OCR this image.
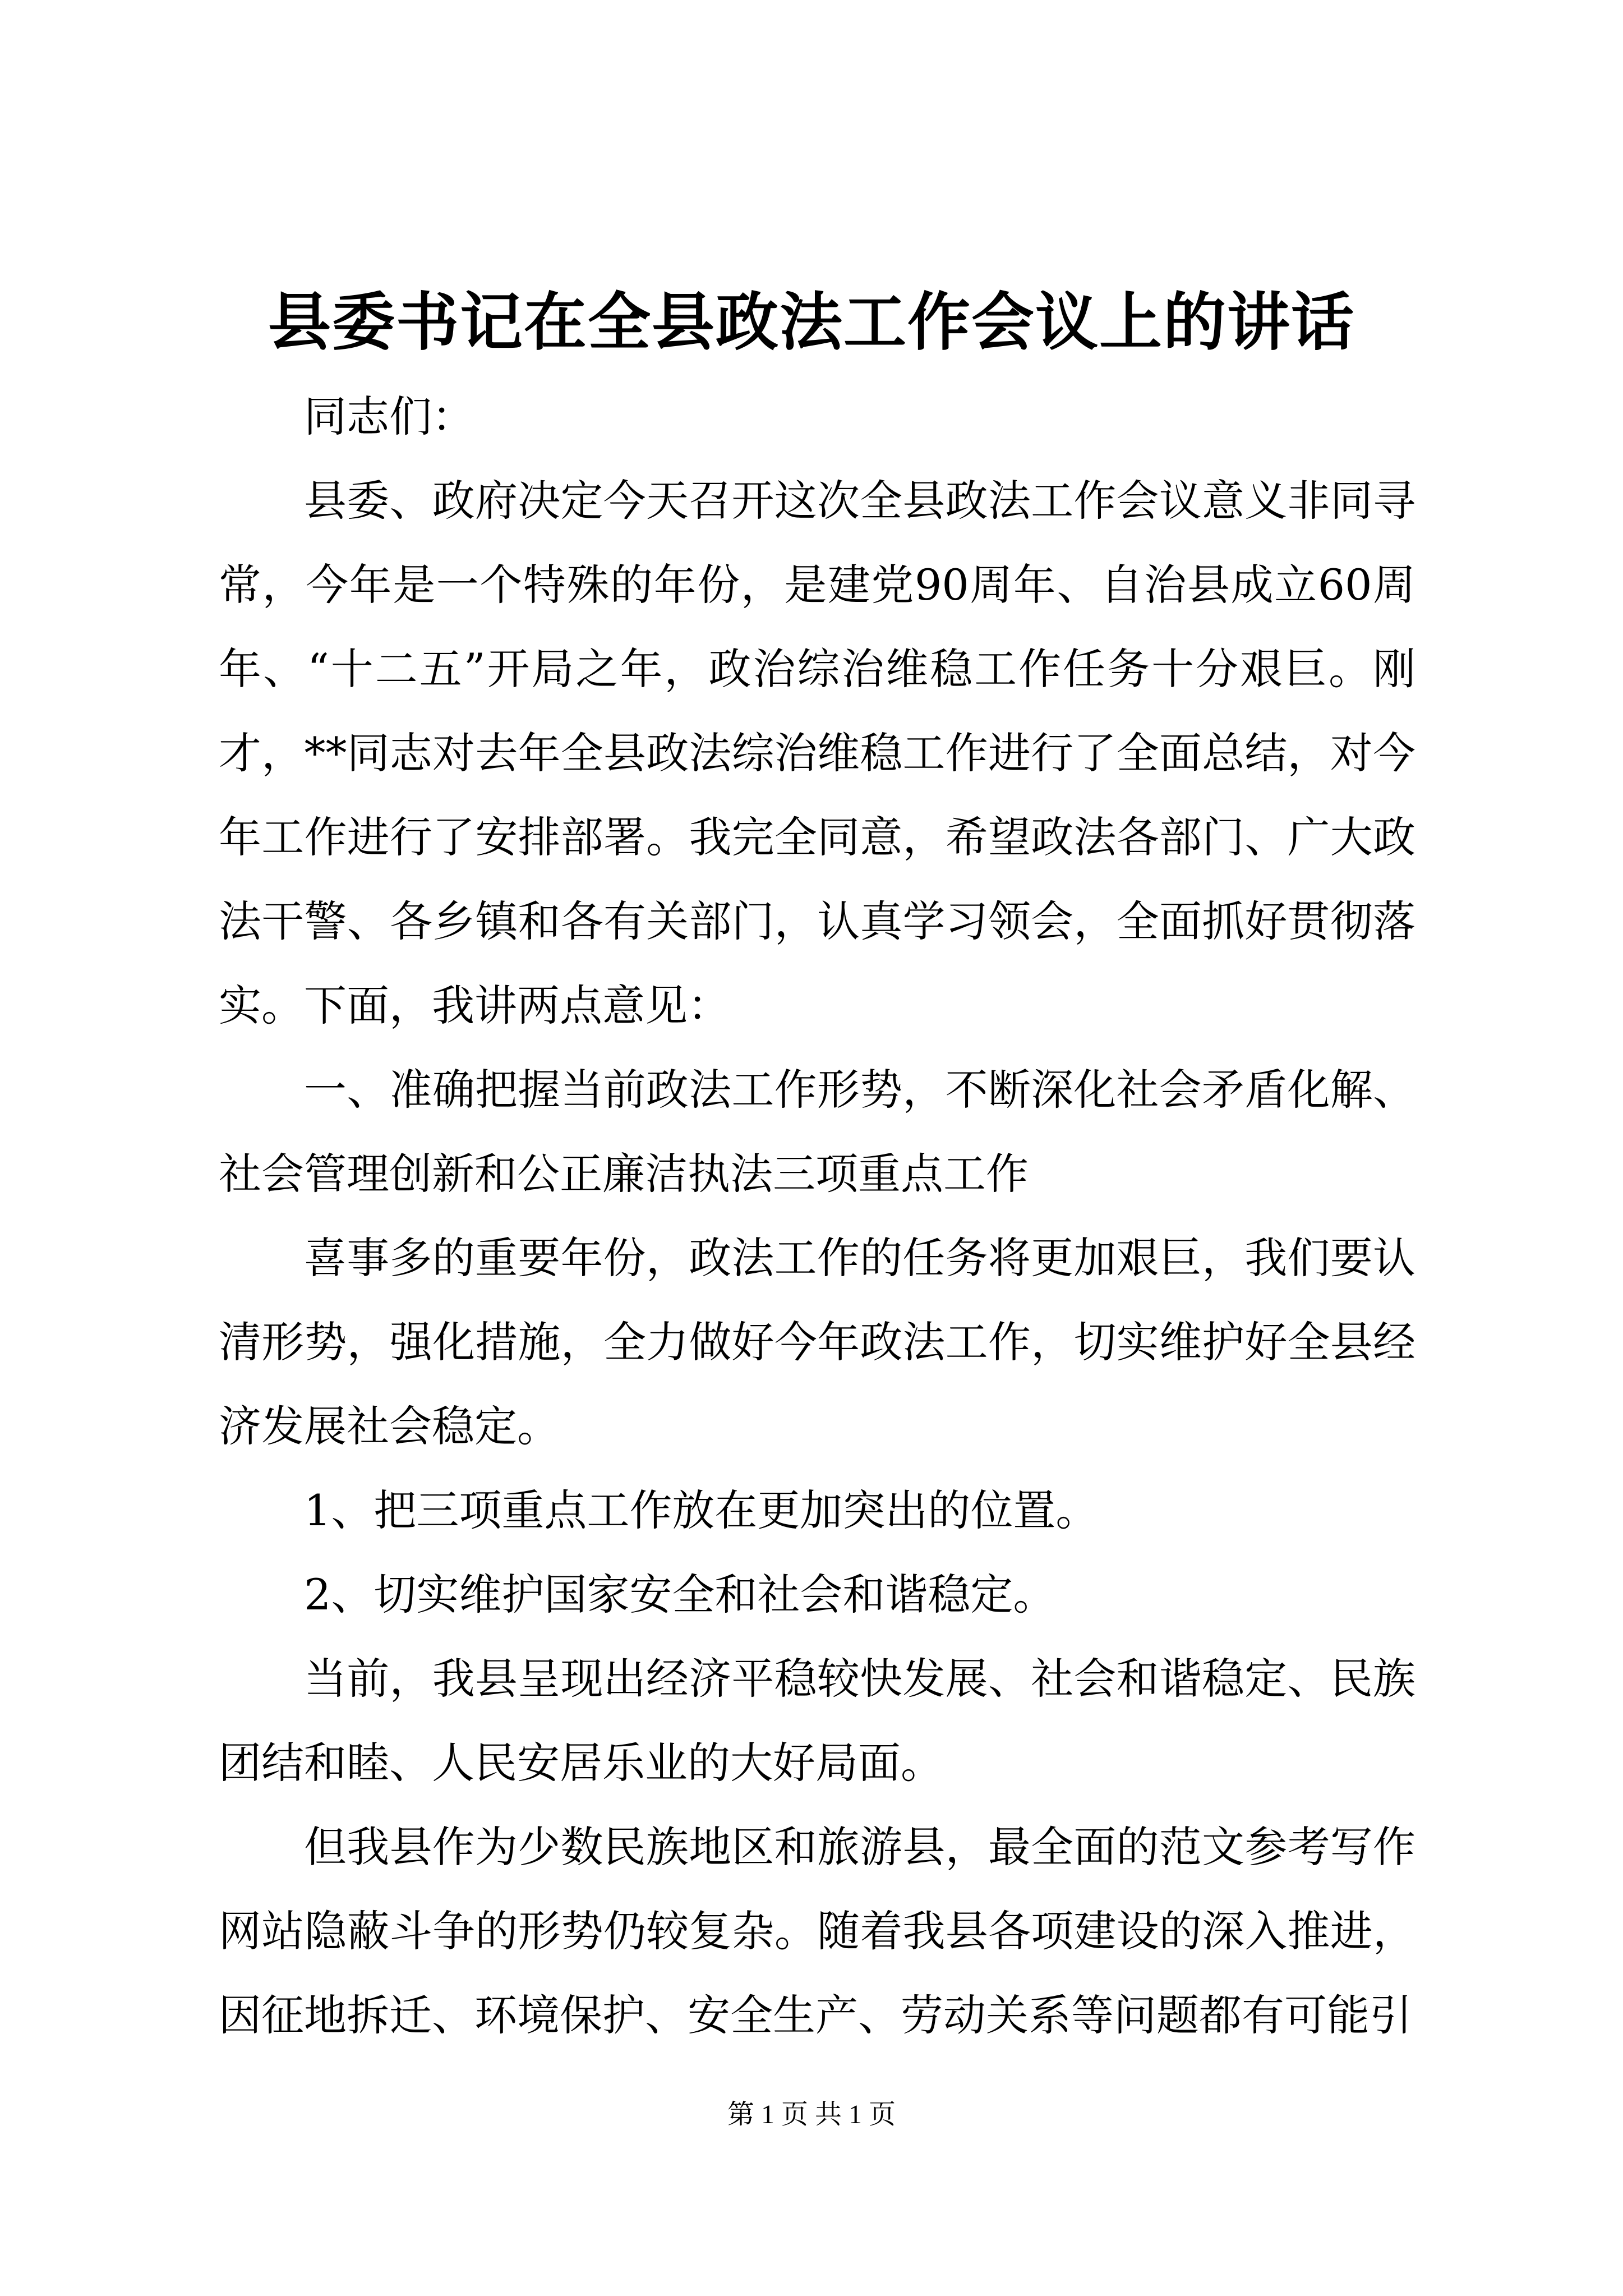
县委书记在全县政法工作会议上的讲话

同志们：

县委、政府决定今天召开这次全县政法工作会议意义非同寻常，今年是一个特殊的年份，是建党90周年、自治县成立60周年、“十二五”开局之年，政治综治维稳工作任务十分艰巨。刚才，**同志对去年全县政法综治维稳工作进行了全面总结，对今年工作进行了安排部署。我完全同意，希望政法各部门、广大政法干警、各乡镇和各有关部门，认真学习领会，全面抓好贯彻落实。下面，我讲两点意见：

一、准确把握当前政法工作形势，不断深化社会矛盾化解、社会管理创新和公正廉洁执法三项重点工作

喜事多的重要年份，政法工作的任务将更加艰巨，我们要认清形势，强化措施，全力做好今年政法工作，切实维护好全县经济发展社会稳定。

1、把三项重点工作放在更加突出的位置。

2、切实维护国家安全和社会和谐稳定。

当前，我县呈现出经济平稳较快发展、社会和谐稳定、民族团结和睦、人民安居乐业的大好局面。

但我县作为少数民族地区和旅游县，最全面的范文参考写作网站隐蔽斗争的形势仍较复杂。随着我县各项建设的深入推进，因征地拆迁、环境保护、安全生产、劳动关系等问题都有可能引

第 1 页 共 1 页
